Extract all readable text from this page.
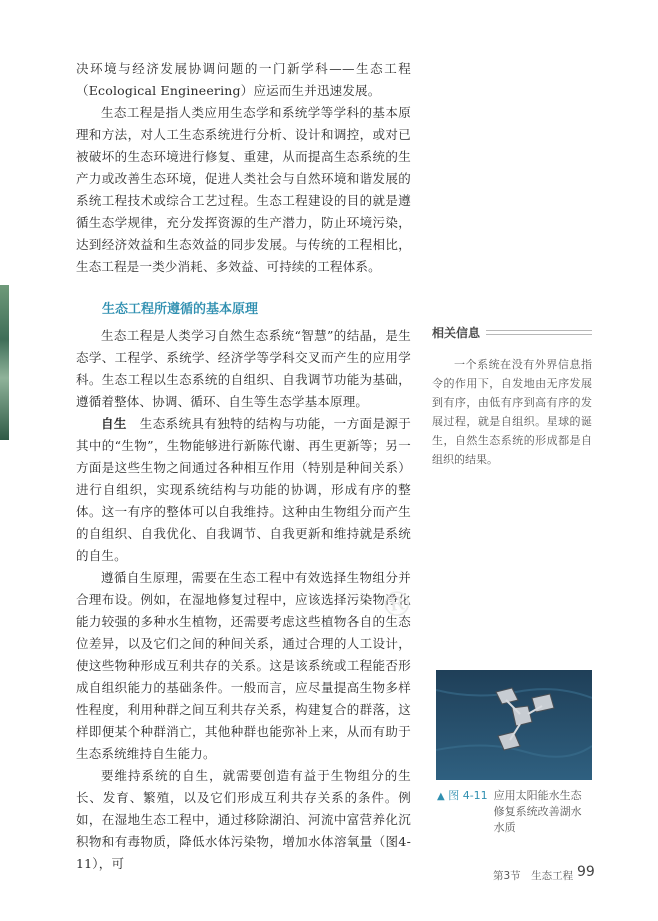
决环境与经济发展协调问题的一门新学科——生态工程（Ecological Engineering）应运而生并迅速发展。

生态工程是指人类应用生态学和系统学等学科的基本原理和方法，对人工生态系统进行分析、设计和调控，或对已被破坏的生态环境进行修复、重建，从而提高生态系统的生产力或改善生态环境，促进人类社会与自然环境和谐发展的系统工程技术或综合工艺过程。生态工程建设的目的就是遵循生态学规律，充分发挥资源的生产潜力，防止环境污染，达到经济效益和生态效益的同步发展。与传统的工程相比，生态工程是一类少消耗、多效益、可持续的工程体系。

生态工程所遵循的基本原理

生态工程是人类学习自然生态系统“智慧”的结晶，是生态学、工程学、系统学、经济学等学科交叉而产生的应用学科。生态工程以生态系统的自组织、自我调节功能为基础，遵循着整体、协调、循环、自生等生态学基本原理。

自生  生态系统具有独特的结构与功能，一方面是源于其中的“生物”，生物能够进行新陈代谢、再生更新等；另一方面是这些生物之间通过各种相互作用（特别是种间关系）进行自组织，实现系统结构与功能的协调，形成有序的整体。这一有序的整体可以自我维持。这种由生物组分而产生的自组织、自我优化、自我调节、自我更新和维持就是系统的自生。

遵循自生原理，需要在生态工程中有效选择生物组分并合理布设。例如，在湿地修复过程中，应该选择污染物净化能力较强的多种水生植物，还需要考虑这些植物各自的生态位差异，以及它们之间的种间关系，通过合理的人工设计，使这些物种形成互利共存的关系。这是该系统或工程能否形成自组织能力的基础条件。一般而言，应尽量提高生物多样性程度，利用种群之间互利共存关系，构建复合的群落，这样即便某个种群消亡，其他种群也能弥补上来，从而有助于生态系统维持自生能力。

要维持系统的自生，就需要创造有益于生物组分的生长、发育、繁殖，以及它们形成互利共存关系的条件。例如，在湿地生态工程中，通过移除湖泊、河流中富营养化沉积物和有毒物质，降低水体污染物，增加水体溶氧量（图4-11），可

相关信息
一个系统在没有外界信息指令的作用下，自发地由无序发展到有序，由低有序到高有序的发展过程，就是自组织。星球的诞生，自然生态系统的形成都是自组织的结果。
▲ 图 4-11 应用太阳能水生态修复系统改善湖水水质
®
第3节　生态工程 99
